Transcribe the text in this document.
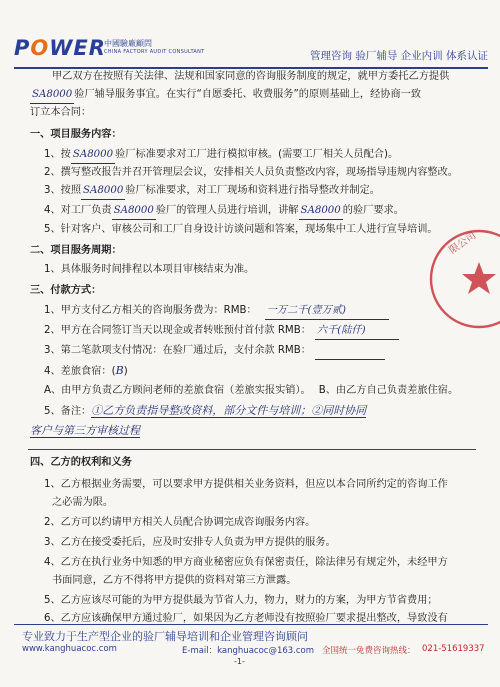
POWER
中國驗廠顧問
CHINA FACTORY AUDIT CONSULTANT	管理咨询 验厂辅导 企业内训 体系认证
甲乙双方在按照有关法律、法规和国家同意的咨询服务制度的规定，就甲方委托乙方提供
SA8000 验厂辅导服务事宜。在实行“自愿委托、收费服务”的原则基础上，经协商一致
订立本合同：
一、项目服务内容：
1、按 SA8000 验厂标准要求对工厂进行模拟审核。(需要工厂相关人员配合)。
2、撰写整改报告并召开管理层会议，安排相关人员负责整改内容，现场指导违规内容整改。
3、按照 SA8000 验厂标准要求，对工厂现场和资料进行指导整改并制定。
4、对工厂负责 SA8000 验厂的管理人员进行培训，讲解 SA8000 的验厂要求。
5、针对客户、审核公司和工厂自身设计访谈问题和答案，现场集中工人进行宣导培训。
二、项目服务周期：
1、具体服务时间排程以本项目审核结束为准。
三、付款方式：
1、甲方支付乙方相关的咨询服务费为：RMB： 一万二千(壹万贰)
2、甲方在合同签订当天以现金或者转账预付首付款 RMB： 六千(陆仟)
3、第二笔款项支付情况：在验厂通过后，支付余款 RMB：
4、差旅食宿：(B)
A、由甲方负责乙方顾问老师的差旅食宿（差旅实报实销）。 B、由乙方自己负责差旅住宿。
5、备注：①乙方负责指导整改资料，部分文件与培训；②同时协同
客户与第三方审核过程
四、乙方的权利和义务
1、乙方根据业务需要，可以要求甲方提供相关业务资料，但应以本合同所约定的咨询工作
之必需为限。
2、乙方可以约请甲方相关人员配合协调完成咨询服务内容。
3、乙方在接受委托后，应及时安排专人负责为甲方提供的服务。
4、乙方在执行业务中知悉的甲方商业秘密应负有保密责任，除法律另有规定外，未经甲方
书面同意，乙方不得将甲方提供的资料对第三方泄露。
5、乙方应该尽可能的为甲方提供最为节省人力，物力，财力的方案，为甲方节省费用；
6、乙方应该确保甲方通过验厂，如果因为乙方老师没有按照验厂要求提出整改，导致没有
限公司
专业致力于生产型企业的验厂辅导培训和企业管理咨询顾问
www.kanghuacoc.com	E-mail：kanghuacoc@163.com 全国统一免费咨询热线： 021-51619337
-1-
